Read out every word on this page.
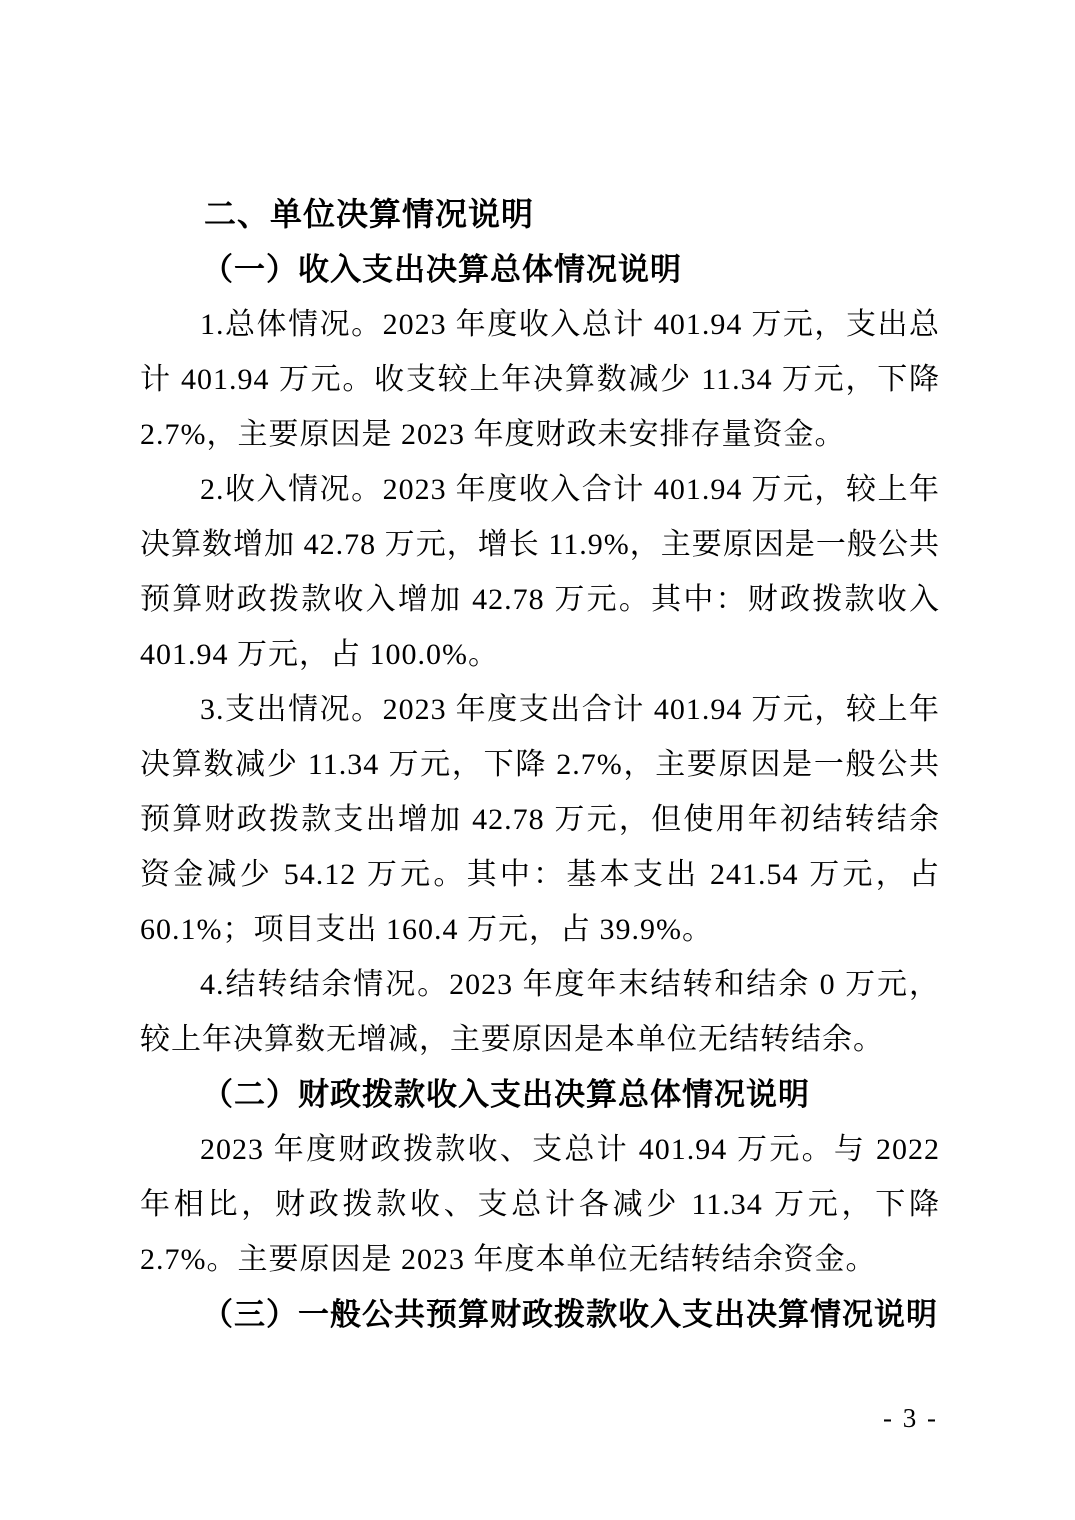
二、单位决算情况说明
（一）收入支出决算总体情况说明

1.总体情况。2023 年度收入总计 401.94 万元，支出总计 401.94 万元。收支较上年决算数减少 11.34 万元，下降 2.7%，主要原因是 2023 年度财政未安排存量资金。

2.收入情况。2023 年度收入合计 401.94 万元，较上年决算数增加 42.78 万元，增长 11.9%，主要原因是一般公共预算财政拨款收入增加 42.78 万元。其中：财政拨款收入 401.94 万元，占 100.0%。

3.支出情况。2023 年度支出合计 401.94 万元，较上年决算数减少 11.34 万元，下降 2.7%，主要原因是一般公共预算财政拨款支出增加 42.78 万元，但使用年初结转结余资金减少 54.12 万元。其中：基本支出 241.54 万元，占 60.1%；项目支出 160.4 万元，占 39.9%。

4.结转结余情况。2023 年度年末结转和结余 0 万元，较上年决算数无增减，主要原因是本单位无结转结余。

（二）财政拨款收入支出决算总体情况说明

2023 年度财政拨款收、支总计 401.94 万元。与 2022 年相比，财政拨款收、支总计各减少 11.34 万元，下降 2.7%。主要原因是 2023 年度本单位无结转结余资金。

（三）一般公共预算财政拨款收入支出决算情况说明
- 3 -
